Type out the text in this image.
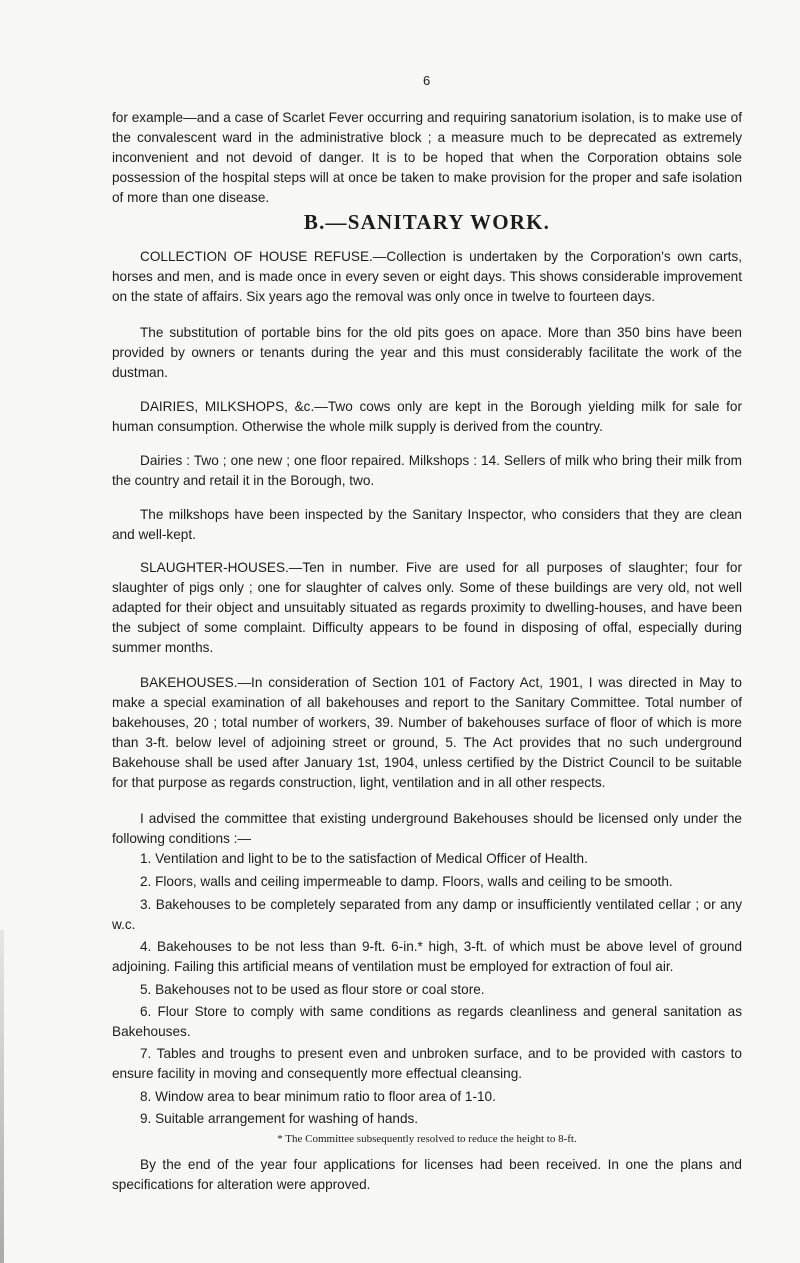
6

for example—and a case of Scarlet Fever occurring and requiring sanatorium isolation, is to make use of the convalescent ward in the administrative block ; a measure much to be deprecated as extremely inconvenient and not devoid of danger. It is to be hoped that when the Corporation obtains sole possession of the hospital steps will at once be taken to make provision for the proper and safe isolation of more than one disease.

B.—SANITARY WORK.

COLLECTION OF HOUSE REFUSE.—Collection is undertaken by the Corporation's own carts, horses and men, and is made once in every seven or eight days. This shows considerable improvement on the state of affairs. Six years ago the removal was only once in twelve to fourteen days.

The substitution of portable bins for the old pits goes on apace. More than 350 bins have been provided by owners or tenants during the year and this must considerably facilitate the work of the dustman.

DAIRIES, MILKSHOPS, &c.—Two cows only are kept in the Borough yielding milk for sale for human consumption. Otherwise the whole milk supply is derived from the country.

Dairies : Two ; one new ; one floor repaired. Milkshops : 14. Sellers of milk who bring their milk from the country and retail it in the Borough, two.

The milkshops have been inspected by the Sanitary Inspector, who considers that they are clean and well-kept.

SLAUGHTER-HOUSES.—Ten in number. Five are used for all purposes of slaughter; four for slaughter of pigs only ; one for slaughter of calves only. Some of these buildings are very old, not well adapted for their object and unsuitably situated as regards proximity to dwelling-houses, and have been the subject of some complaint. Difficulty appears to be found in disposing of offal, especially during summer months.

BAKEHOUSES.—In consideration of Section 101 of Factory Act, 1901, I was directed in May to make a special examination of all bakehouses and report to the Sanitary Committee. Total number of bakehouses, 20 ; total number of workers, 39. Number of bakehouses surface of floor of which is more than 3-ft. below level of adjoining street or ground, 5. The Act provides that no such underground Bakehouse shall be used after January 1st, 1904, unless certified by the District Council to be suitable for that purpose as regards construction, light, ventilation and in all other respects.

I advised the committee that existing underground Bakehouses should be licensed only under the following conditions :—

1. Ventilation and light to be to the satisfaction of Medical Officer of Health.

2. Floors, walls and ceiling impermeable to damp. Floors, walls and ceiling to be smooth.

3. Bakehouses to be completely separated from any damp or insufficiently ventilated cellar ; or any w.c.

4. Bakehouses to be not less than 9-ft. 6-in.* high, 3-ft. of which must be above level of ground adjoining. Failing this artificial means of ventilation must be employed for extraction of foul air.

5. Bakehouses not to be used as flour store or coal store.

6. Flour Store to comply with same conditions as regards cleanliness and general sanitation as Bakehouses.

7. Tables and troughs to present even and unbroken surface, and to be provided with castors to ensure facility in moving and consequently more effectual cleansing.

8. Window area to bear minimum ratio to floor area of 1-10.

9. Suitable arrangement for washing of hands.

* The Committee subsequently resolved to reduce the height to 8-ft.

By the end of the year four applications for licenses had been received. In one the plans and specifications for alteration were approved.
